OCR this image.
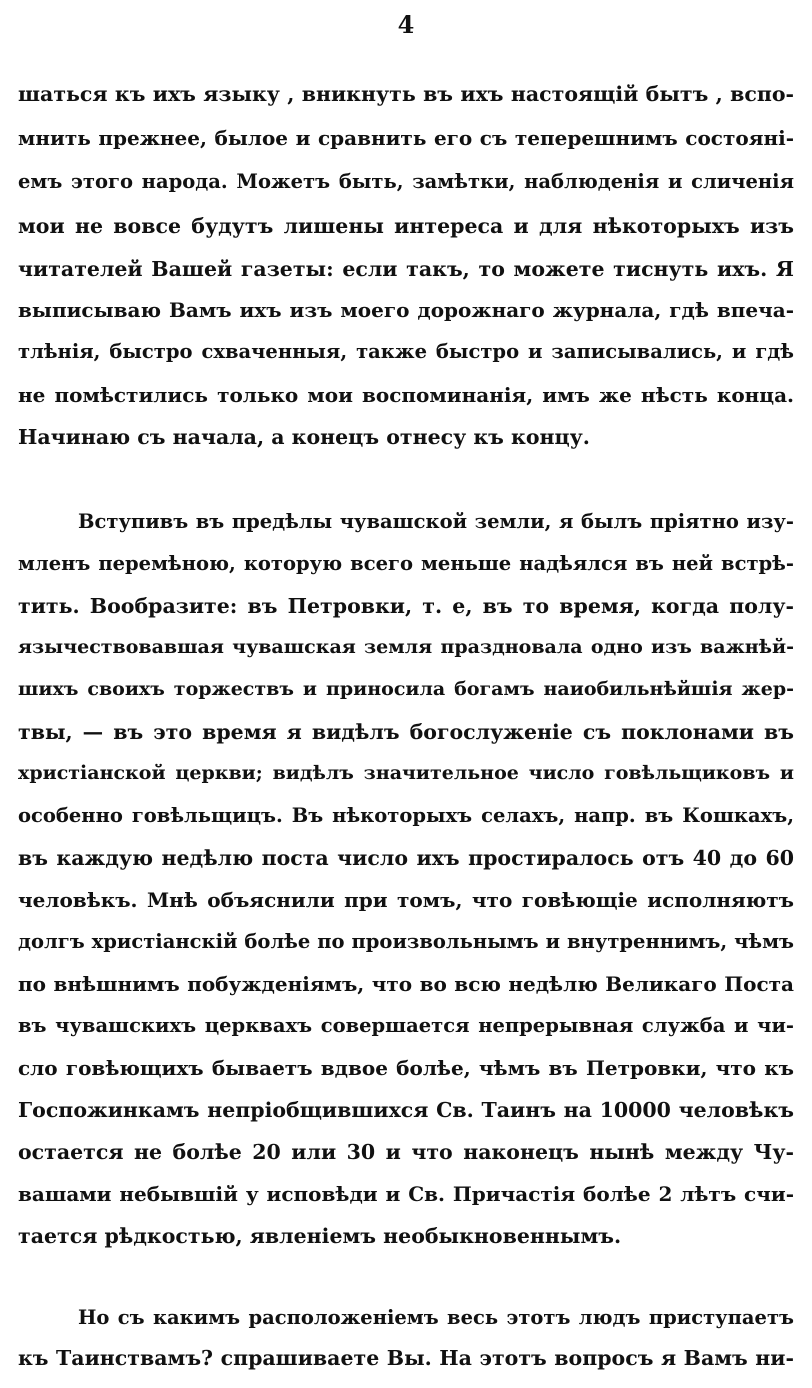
4
шаться къ ихъ языку , вникнуть въ ихъ настоящій бытъ , вспо-
мнить прежнее, былое и сравнить его съ теперешнимъ состояні-
емъ этого народа. Можетъ быть, замѣтки, наблюденія и сличенія
мои не вовсе будутъ лишены интереса и для нѣкоторыхъ изъ
читателей Вашей газеты: если такъ, то можете тиснуть ихъ. Я
выписываю Вамъ ихъ изъ моего дорожнаго журнала, гдѣ впеча-
тлѣнія, быстро схваченныя, также быстро и записывались, и гдѣ
не помѣстились только мои воспоминанія, имъ же нѣсть конца.
Начинаю съ начала, а конецъ отнесу къ концу.
Вступивъ въ предѣлы чувашской земли, я былъ пріятно изу-
мленъ перемѣною, которую всего меньше надѣялся въ ней встрѣ-
тить. Вообразите: въ Петровки, т. е, въ то время, когда полу-
язычествовавшая чувашская земля праздновала одно изъ важнѣй-
шихъ своихъ торжествъ и приносила богамъ наиобильнѣйшія жер-
твы, — въ это время я видѣлъ богослуженіе съ поклонами въ
христіанской церкви; видѣлъ значительное число говѣльщиковъ и
особенно говѣльщицъ. Въ нѣкоторыхъ селахъ, напр. въ Кошкахъ,
въ каждую недѣлю поста число ихъ простиралось отъ 40 до 60
человѣкъ. Мнѣ объяснили при томъ, что говѣющіе исполняютъ
долгъ христіанскій болѣе по произвольнымъ и внутреннимъ, чѣмъ
по внѣшнимъ побужденіямъ, что во всю недѣлю Великаго Поста
въ чувашскихъ церквахъ совершается непрерывная служба и чи-
сло говѣющихъ бываетъ вдвое болѣе, чѣмъ въ Петровки, что къ
Госпожинкамъ непріобщившихся Св. Таинъ на 10000 человѣкъ
остается не болѣе 20 или 30 и что наконецъ нынѣ между Чу-
вашами небывшій у исповѣди и Св. Причастія болѣе 2 лѣтъ счи-
тается рѣдкостью, явленіемъ необыкновеннымъ.
Но съ какимъ расположеніемъ весь этотъ людъ приступаетъ
къ Таинствамъ? спрашиваете Вы. На этотъ вопросъ я Вамъ ни-
